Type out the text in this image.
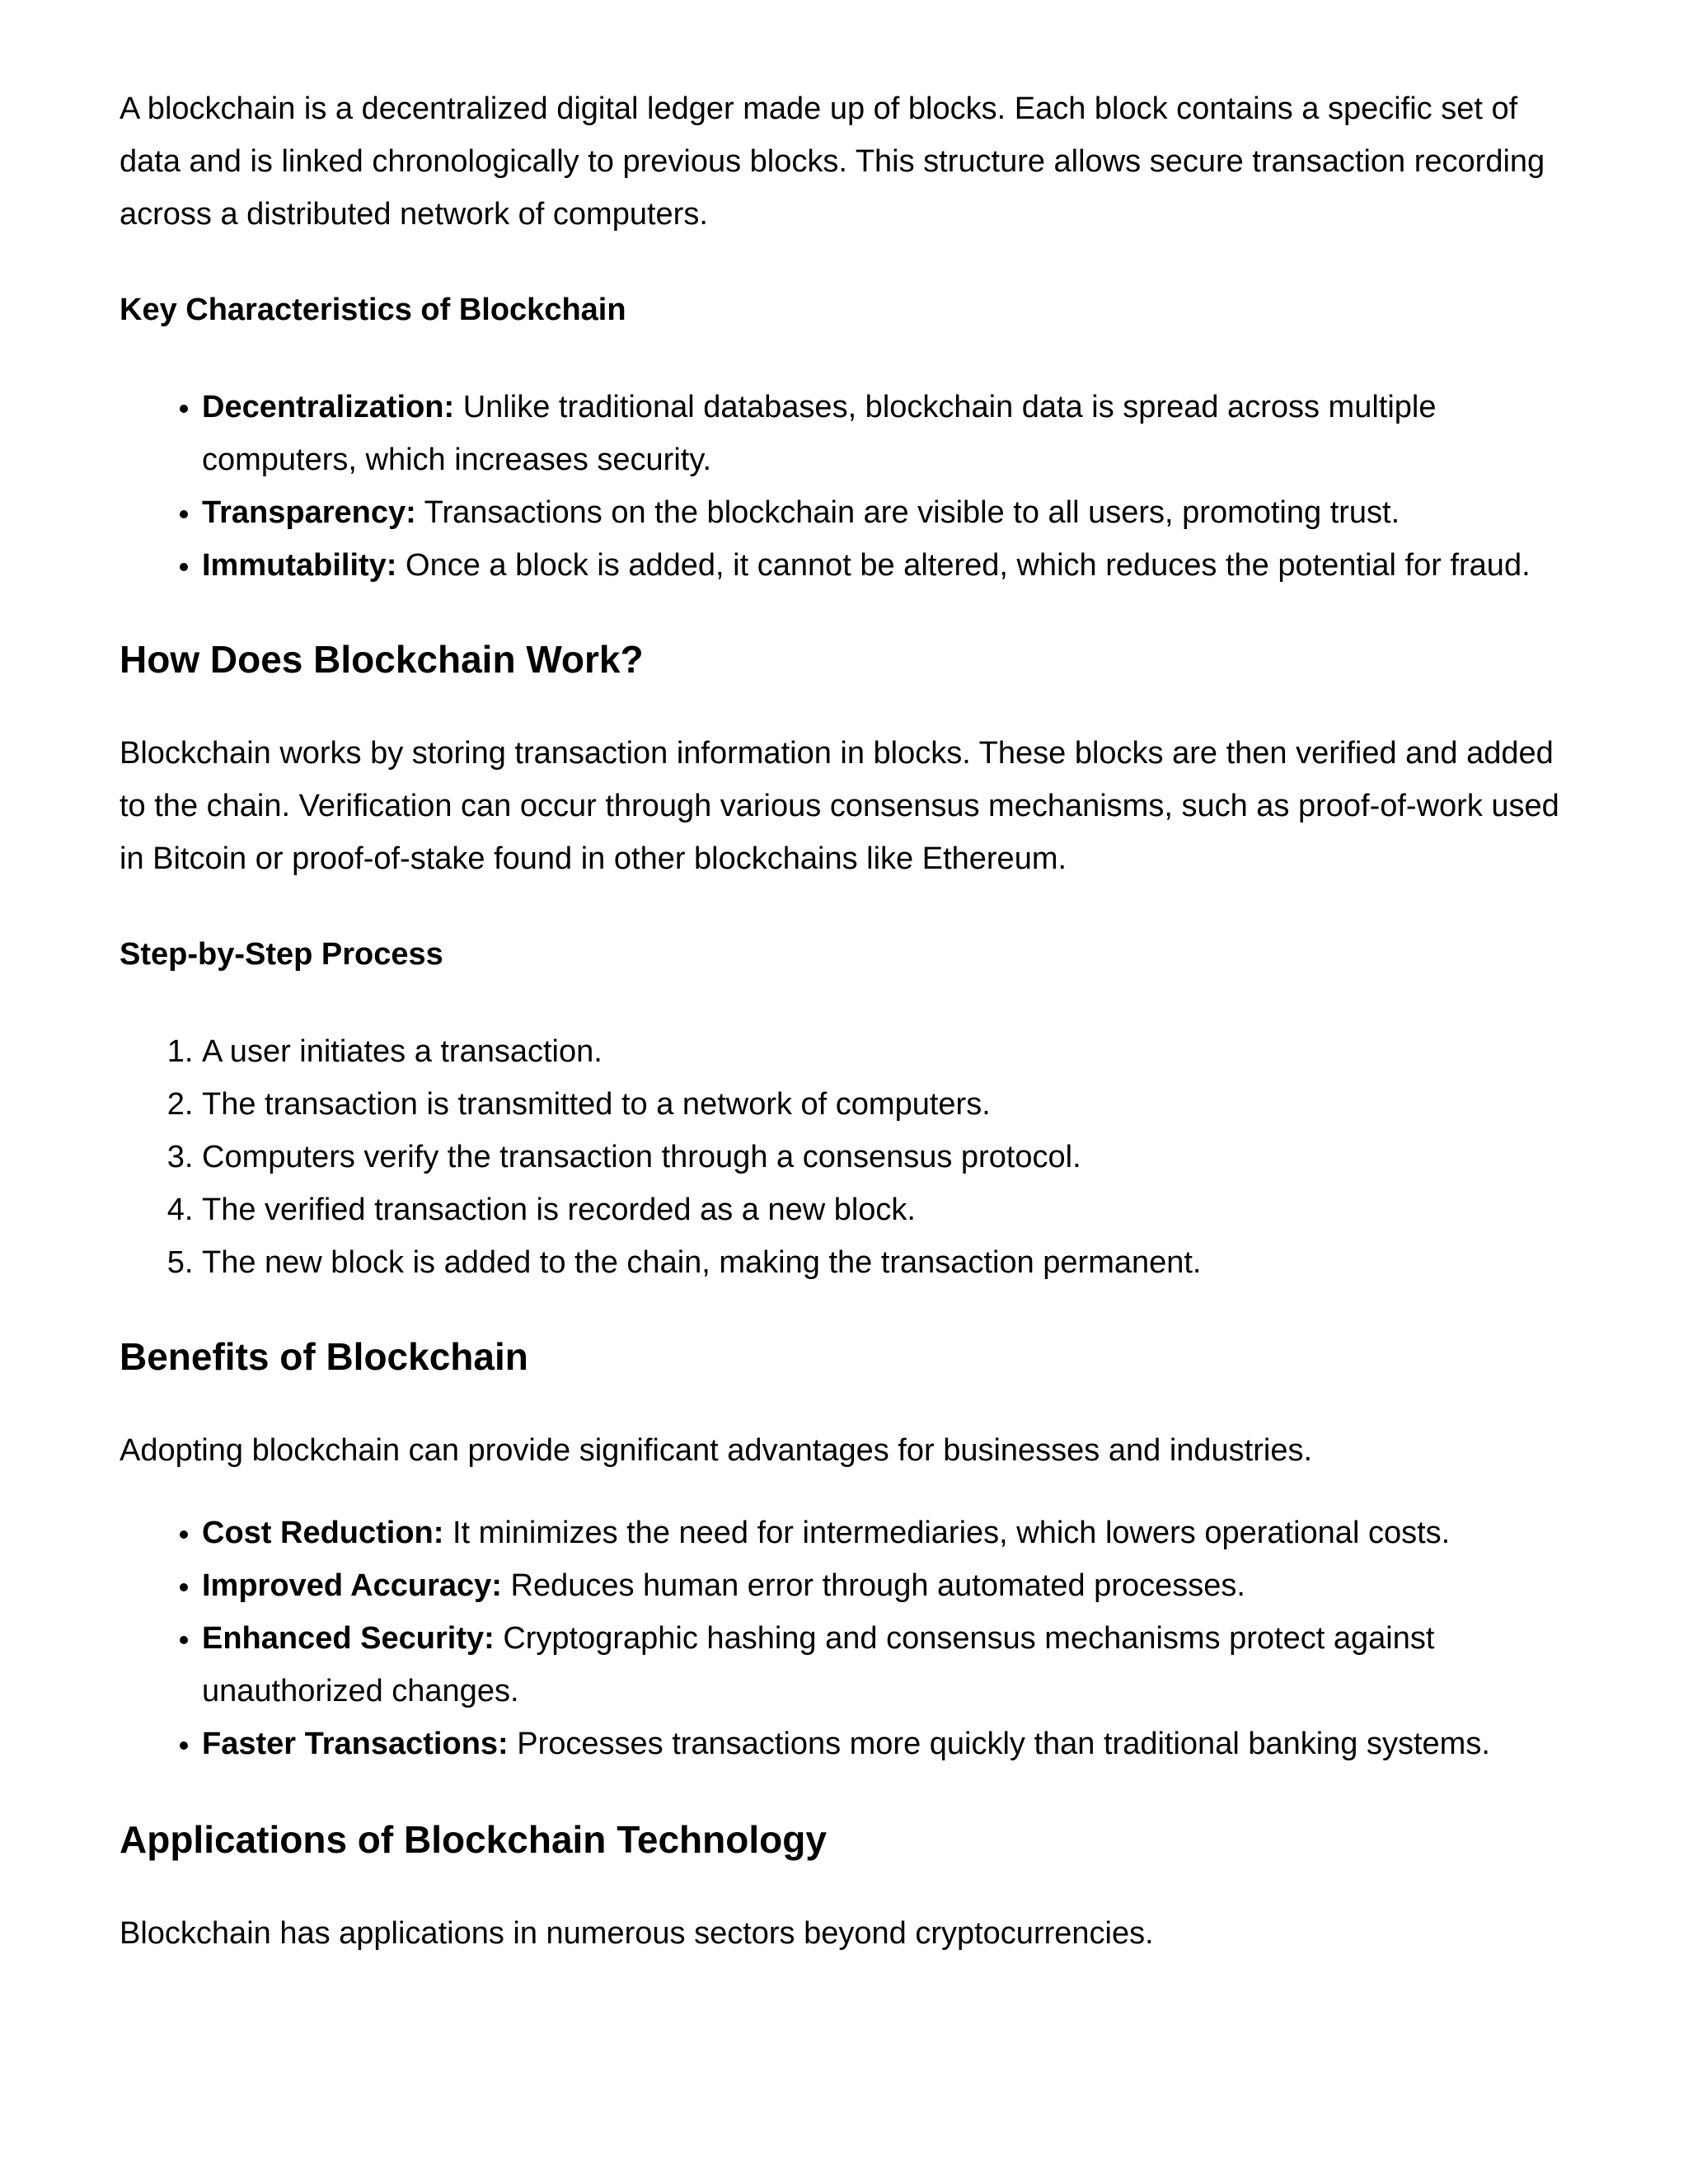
A blockchain is a decentralized digital ledger made up of blocks. Each block contains a specific set of data and is linked chronologically to previous blocks. This structure allows secure transaction recording across a distributed network of computers.

Key Characteristics of Blockchain
• Decentralization: Unlike traditional databases, blockchain data is spread across multiple computers, which increases security.
• Transparency: Transactions on the blockchain are visible to all users, promoting trust.
• Immutability: Once a block is added, it cannot be altered, which reduces the potential for fraud.
How Does Blockchain Work?

Blockchain works by storing transaction information in blocks. These blocks are then verified and added to the chain. Verification can occur through various consensus mechanisms, such as proof-of-work used in Bitcoin or proof-of-stake found in other blockchains like Ethereum.

Step-by-Step Process
1. A user initiates a transaction.
2. The transaction is transmitted to a network of computers.
3. Computers verify the transaction through a consensus protocol.
4. The verified transaction is recorded as a new block.
5. The new block is added to the chain, making the transaction permanent.
Benefits of Blockchain

Adopting blockchain can provide significant advantages for businesses and industries.

• Cost Reduction: It minimizes the need for intermediaries, which lowers operational costs.
• Improved Accuracy: Reduces human error through automated processes.
• Enhanced Security: Cryptographic hashing and consensus mechanisms protect against unauthorized changes.
• Faster Transactions: Processes transactions more quickly than traditional banking systems.
Applications of Blockchain Technology

Blockchain has applications in numerous sectors beyond cryptocurrencies.
